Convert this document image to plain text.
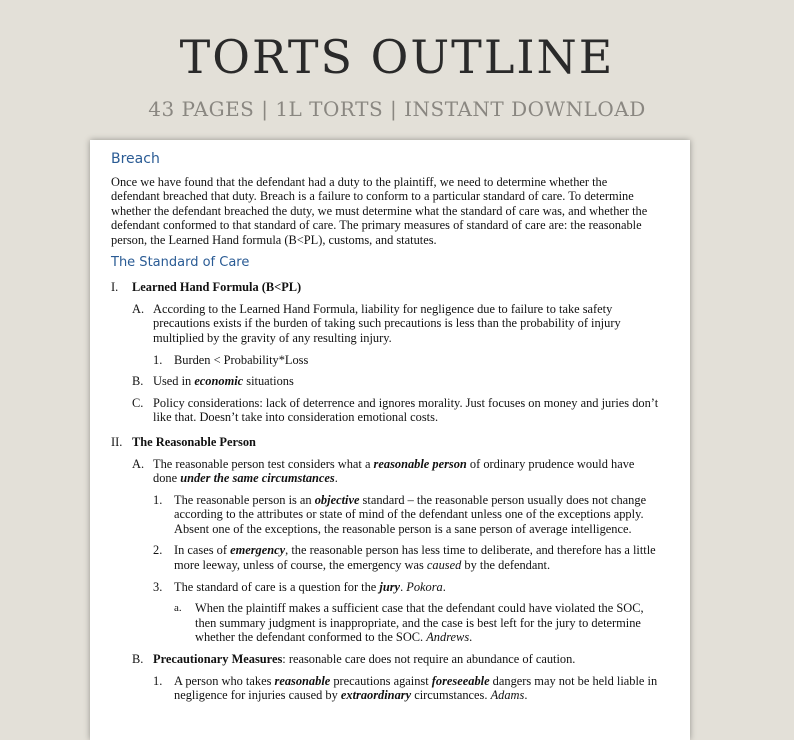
TORTS OUTLINE
43 PAGES | 1L TORTS | INSTANT DOWNLOAD
Breach

Once we have found that the defendant had a duty to the plaintiff, we need to determine whether the defendant breached that duty. Breach is a failure to conform to a particular standard of care. To determine whether the defendant breached the duty, we must determine what the standard of care was, and whether the defendant conformed to that standard of care. The primary measures of standard of care are: the reasonable person, the Learned Hand formula (B<PL), customs, and statutes.

The Standard of Care
I.	Learned Hand Formula (B<PL)
A. According to the Learned Hand Formula, liability for negligence due to failure to take safety precautions exists if the burden of taking such precautions is less than the probability of injury multiplied by the gravity of any resulting injury.
1. Burden < Probability*Loss
B. Used in economic situations
C. Policy considerations: lack of deterrence and ignores morality. Just focuses on money and juries don’t like that. Doesn’t take into consideration emotional costs.
II. The Reasonable Person
A. The reasonable person test considers what a reasonable person of ordinary prudence would have done under the same circumstances.
1. The reasonable person is an objective standard – the reasonable person usually does not change according to the attributes or state of mind of the defendant unless one of the exceptions apply. Absent one of the exceptions, the reasonable person is a sane person of average intelligence.
2. In cases of emergency, the reasonable person has less time to deliberate, and therefore has a little more leeway, unless of course, the emergency was caused by the defendant.
3. The standard of care is a question for the jury. Pokora.
a.	When the plaintiff makes a sufficient case that the defendant could have violated the SOC, then summary judgment is inappropriate, and the case is best left for the jury to determine whether the defendant conformed to the SOC. Andrews.
B. Precautionary Measures: reasonable care does not require an abundance of caution.
1. A person who takes reasonable precautions against foreseeable dangers may not be held liable in negligence for injuries caused by extraordinary circumstances. Adams.
